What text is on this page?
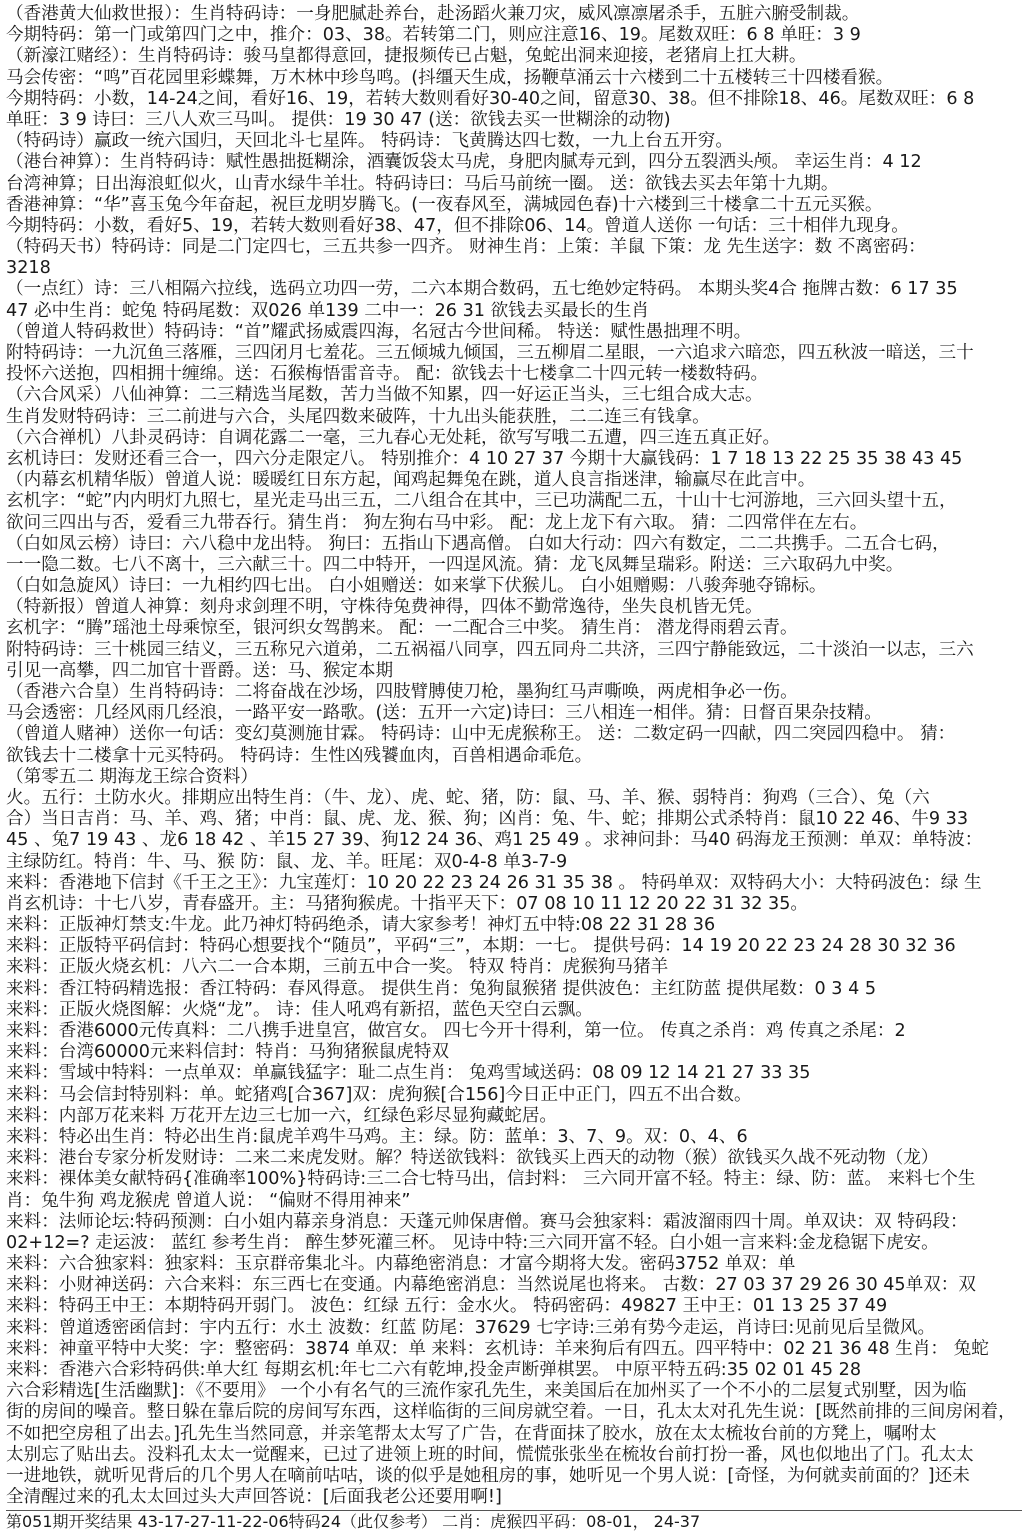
（香港黄大仙救世报）：生肖特码诗：一身肥腻赴养台，赴汤蹈火兼刀灾，威风凛凛屠杀手，五脏六腑受制裁。
今期特码：第一门或第四门之中，推介：03、38。若转第二门，则应注意16、19。尾数双旺：6 8 单旺：3 9
（新濠江赌经）：生肖特码诗：骏马皇都得意回，捷报频传已占魁，兔蛇出洞来迎接，老猪肩上扛大耕。
马会传密：“鸣”百花园里彩蝶舞，万木林中珍鸟鸣。(抖缰天生成，扬鞭草涌云十六楼到二十五楼转三十四楼看猴。
今期特码：小数，14-24之间，看好16、19，若转大数则看好30-40之间，留意30、38。但不排除18、46。尾数双旺：6 8
单旺：3 9 诗曰：三八人欢三马叫。 提供：19 30 47 (送：欲钱去买一世糊涂的动物)
（特码诗）赢政一统六国归，天回北斗七星阵。 特码诗：飞黄腾达四七数，一九上台五开穷。
（港台神算）：生肖特码诗：赋性愚拙挺糊涂，酒囊饭袋太马虎，身肥肉腻寿元到，四分五裂洒头颅。 幸运生肖：4 12
台湾神算；日出海浪虹似火，山青水绿牛羊壮。特码诗曰：马后马前统一圈。 送：欲钱去买去年第十九期。
香港神算：“华”喜玉兔今年奋起，祝巨龙明岁腾飞。(一夜春风至，满城园色春)十六楼到三十楼拿二十五元买猴。
今期特码：小数，看好5、19，若转大数则看好38、47，但不排除06、14。曾道人送你 一句话：三十相伴九现身。
（特码天书）特码诗：同是二门定四七，三五共参一四齐。 财神生肖：上策：羊鼠 下策：龙 先生送字：数 不离密码：
3218
（一点红）诗：三八相隔六拉线，选码立功四一劳，二六本期合数码，五七绝妙定特码。 本期头奖4合 拖牌古数：6 17 35
47 必中生肖：蛇兔 特码尾数：双026 单139 二中一：26 31 欲钱去买最长的生肖
（曾道人特码救世）特码诗：“首”耀武扬威震四海，名冠古今世间稀。 特送：赋性愚拙理不明。
附特码诗：一九沉鱼三落雁，三四闭月七羞花。三五倾城九倾国，三五柳眉二星眼，一六追求六暗恋，四五秋波一暗送，三十
投怀六送抱，四相拥十缠绵。送：石猴梅悟雷音寺。 配：欲钱去十七楼拿二十四元转一楼数特码。
（六合风采）八仙神算：二三精选当尾数，苦力当做不知累，四一好运正当头，三七组合成大志。
生肖发财特码诗：三二前进与六合，头尾四数来破阵，十九出头能获胜，二二连三有钱拿。
（六合禅机）八卦灵码诗：自调花露二一毫，三九春心无处耗，欲写写哦二五遭，四三连五真正好。
玄机诗曰：发财还看三合一，四六分走限定八。 特别推介：4 10 27 37 今期十大赢钱码：1 7 18 13 22 25 35 38 43 45
（内幕玄机精华版）曾道人说：暖暖红日东方起，闻鸡起舞兔在跳，道人良言指迷津，输赢尽在此言中。
玄机字：“蛇”内内明灯九照七，星光走马出三五，二八组合在其中，三已功满配二五，十山十七河游地，三六回头望十五，
欲问三四出与否，爱看三九带吞行。猜生肖： 狗左狗右马中彩。 配：龙上龙下有六取。 猜：二四常伴在左右。
（白如凤云榜）诗曰：六八稳中龙出特。 狗曰：五指山下遇高僧。 白如大行动：四六有数定，二二共携手。二五合七码，
一一隐二数。七八不离十，三六献三十。四二中特开，一四逞风流。猜：龙飞凤舞呈瑞彩。附送：三六取码九中奖。
（白如急旋风）诗曰：一九相约四七出。 白小姐赠送：如来掌下伏猴儿。 白小姐赠赐：八骏奔驰夺锦标。
（特新报）曾道人神算：刻舟求剑理不明，守株待兔费神得，四体不勤常逸待，坐失良机皆无凭。
玄机字：“腾”瑶池土母乘惊至，银河织女驾鹊来。 配：一二配合三中奖。 猜生肖： 潜龙得雨碧云青。
附特码诗：三十桃园三结义，三五称兄六道弟，二五祸福八同享，四五同舟二共济，三四宁静能致远，二十淡泊一以志，三六
引见一高攀，四二加官十晋爵。送：马、猴定本期
（香港六合皇）生肖特码诗：二将奋战在沙场，四肢臂膊使刀枪，墨狗红马声嘶唤，两虎相争必一伤。
马会透密：几经风雨几经浪，一路平安一路歌。(送：五开一六定)诗曰：三八相连一相伴。猜：日督百果杂技精。
（曾道人赌神）送你一句话：变幻莫测施甘霖。 特码诗：山中无虎猴称王。 送：二数定码一四献，四二突园四稳中。 猜：
欲钱去十二楼拿十元买特码。 特码诗：生性凶残饕血肉，百兽相遇命乖危。
（第零五二 期海龙王综合资料）
火。五行：土防水火。排期应出特生肖：（牛、龙）、虎、蛇、猪，防：鼠、马、羊、猴、弱特肖：狗鸡（三合）、兔（六
合）当日吉肖：马、羊、鸡、猪；中肖：鼠、虎、龙、猴、狗；凶肖：兔、牛、蛇；排期公式杀特肖：鼠10 22 46、牛9 33
45 、兔7 19 43 、龙6 18 42 、羊15 27 39、狗12 24 36、鸡1 25 49 。求神问卦：马40 码海龙王预测：单双：单特波：
主绿防红。特肖：牛、马、猴 防：鼠、龙、羊。旺尾：双0-4-8 单3-7-9
来料：香港地下信封《千王之王》：九宝莲灯：10 20 22 23 24 26 31 35 38 。 特码单双：双特码大小：大特码波色：绿 生
肖玄机诗：十七八岁，青春盛开。主：马猪狗猴虎。十指平天下：07 08 10 11 12 20 22 31 32 35。
来料：正版神灯禁支:牛龙。此乃神灯特码绝杀，请大家参考！神灯五中特:08 22 31 28 36
来料：正版特平码信封：特码心想要找个“随员”，平码“三”，本期：一七。 提供号码：14 19 20 22 23 24 28 30 32 36
来料：正版火烧玄机：八六二一合本期，三前五中合一奖。 特双 特肖：虎猴狗马猪羊
来料：香江特码精选报：香江特码：春风得意。 提供生肖：兔狗鼠猴猪 提供波色：主红防蓝 提供尾数：0 3 4 5
来料：正版火烧图解：火烧“龙”。 诗：佳人吼鸡有新招，蓝色天空白云飘。
来料：香港6000元传真料：二八携手进皇宫，做宫女。 四七今开十得利，第一位。 传真之杀肖：鸡 传真之杀尾：2
来料：台湾60000元来料信封：特肖：马狗猪猴鼠虎特双
来料：雪域中特料：一点单双：单赢钱猛字：耻二点生肖： 兔鸡雪域送码：08 09 12 14 21 27 33 35
来料：马会信封特别料：单。蛇猪鸡[合367]双：虎狗猴[合156]今日正中正门，四五不出合数。
来料：内部万花来料 万花开左边三七加一六，红绿色彩尽显狗藏蛇居。
来料：特必出生肖：特必出生肖:鼠虎羊鸡牛马鸡。主：绿。防：蓝单：3、7、9。双：0、4、6
来料：港台专家分析发财诗：二来二来虎发财。解？特送欲钱料：欲钱买上西天的动物（猴）欲钱买久战不死动物（龙）
来料：裸体美女献特码{准确率100%}特码诗:三二合七特马出，信封料： 三六同开富不轻。特主：绿、防：蓝。 来料七个生
肖：兔牛狗 鸡龙猴虎 曾道人说： “偏财不得用神来”
来料：法师论坛:特码预测：白小姐内幕亲身消息：天蓬元帅保唐僧。赛马会独家料：霜波溜雨四十周。单双诀：双 特码段：
02+12=? 走运波： 蓝红 参考生肖： 醉生梦死灌三杯。 见诗中特:三六同开富不轻。白小姐一言来料:金龙稳锯下虎安。
来料：六合独家料：独家料：玉京群帝集北斗。内幕绝密消息：才富今期将大发。密码3752 单双：单
来料：小财神送码：六合来料：东三西七在变通。内幕绝密消息：当然说尾也将来。 古数：27 03 37 29 26 30 45单双：双
来料：特码王中王：本期特码开弱门。 波色：红绿 五行：金水火。 特码密码：49827 王中王：01 13 25 37 49
来料：曾道透密函信封：宇内五行：水土 波数：红蓝 防尾：37629 七字诗:三弟有势今走运，肖诗曰:见前见后呈微风。
来料：神童平特中大奖：字：整密码：3874 单双：单 来料：玄机诗：羊来狗后有四五。四平特中：02 21 36 48 生肖： 兔蛇
来料：香港六合彩特码供:单大红 每期玄机:年七二六有乾坤,投金声断弹棋罢。 中原平特五码:35 02 01 45 28
六合彩精选[生活幽默]：《不要用》 一个小有名气的三流作家孔先生，来美国后在加州买了一个不小的二层复式别墅，因为临
街的房间的噪音。整日躲在靠后院的房间写东西，这样临街的三间房就空着。一日，孔太太对孔先生说：[既然前排的三间房闲着，
不如把空房租了出去。]孔先生当然同意，并亲笔帮太太写了广告，在背面抹了胶水，放在太太梳妆台前的方凳上，嘱咐太
太别忘了贴出去。没料孔太太一觉醒来，已过了进领上班的时间，慌慌张张坐在梳妆台前打扮一番，风也似地出了门。孔太太
一进地铁，就听见背后的几个男人在嘀前咕咕，谈的似乎是她租房的事，她听见一个男人说：[奇怪，为何就卖前面的？]还未
全清醒过来的孔太太回过头大声回答说：[后面我老公还要用啊!]
第051期开奖结果 43-17-27-11-22-06特码24（此仅参考） 二肖：虎猴四平码：08-01， 24-37
